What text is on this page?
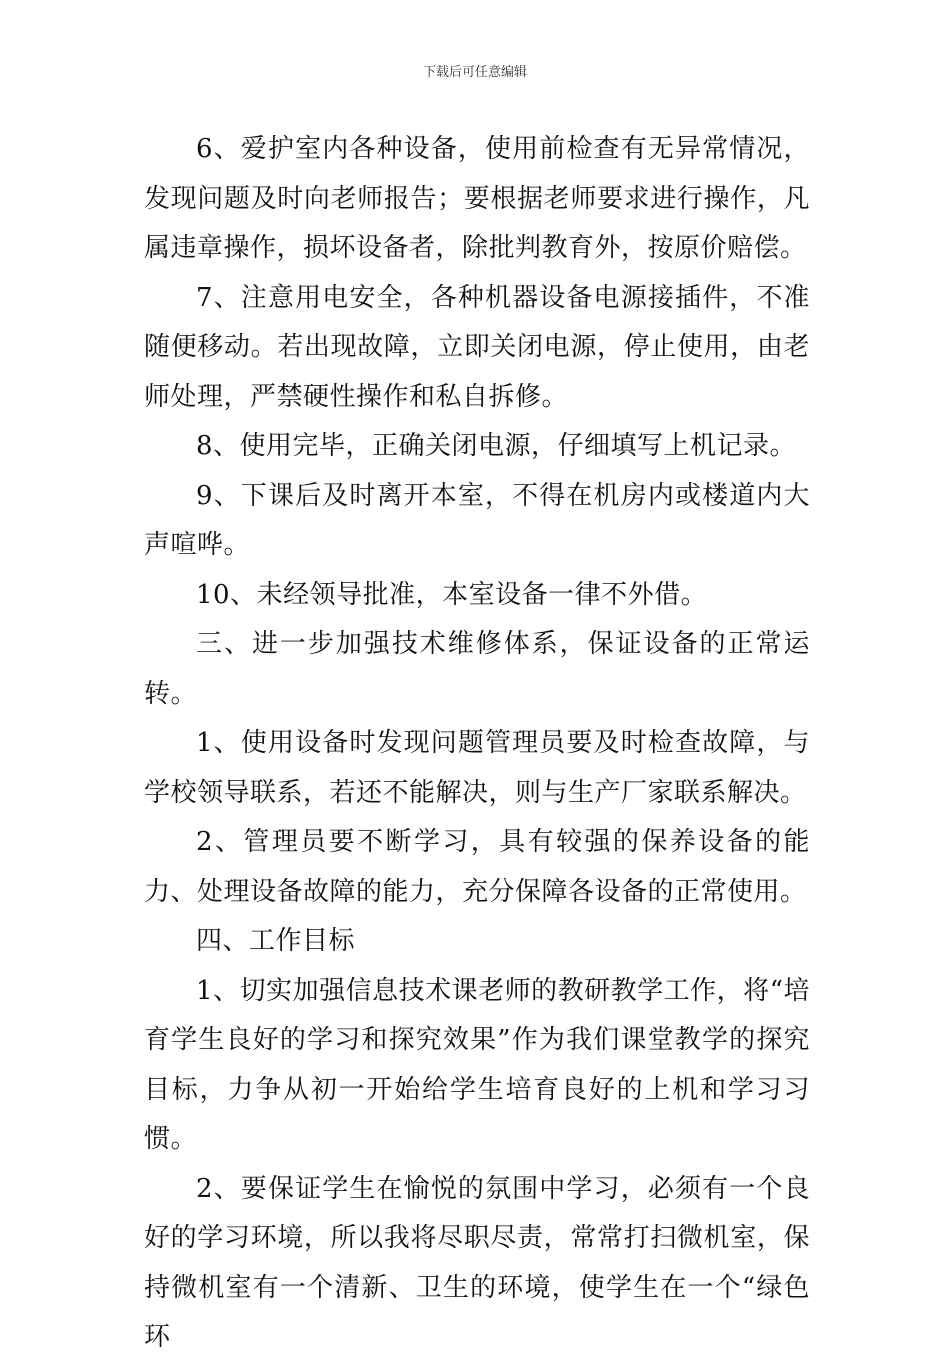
下载后可任意编辑

6、爱护室内各种设备，使用前检查有无异常情况，发现问题及时向老师报告；要根据老师要求进行操作，凡属违章操作，损坏设备者，除批判教育外，按原价赔偿。

7、注意用电安全，各种机器设备电源接插件，不准随便移动。若出现故障，立即关闭电源，停止使用，由老师处理，严禁硬性操作和私自拆修。

8、使用完毕，正确关闭电源，仔细填写上机记录。

9、下课后及时离开本室，不得在机房内或楼道内大声喧哗。

10、未经领导批准，本室设备一律不外借。

三、进一步加强技术维修体系，保证设备的正常运转。

1、使用设备时发现问题管理员要及时检查故障，与学校领导联系，若还不能解决，则与生产厂家联系解决。

2、管理员要不断学习，具有较强的保养设备的能力、处理设备故障的能力，充分保障各设备的正常使用。

四、工作目标

1、切实加强信息技术课老师的教研教学工作，将“培育学生良好的学习和探究效果”作为我们课堂教学的探究目标，力争从初一开始给学生培育良好的上机和学习习惯。

2、要保证学生在愉悦的氛围中学习，必须有一个良好的学习环境，所以我将尽职尽责，常常打扫微机室，保持微机室有一个清新、卫生的环境，使学生在一个“绿色环
